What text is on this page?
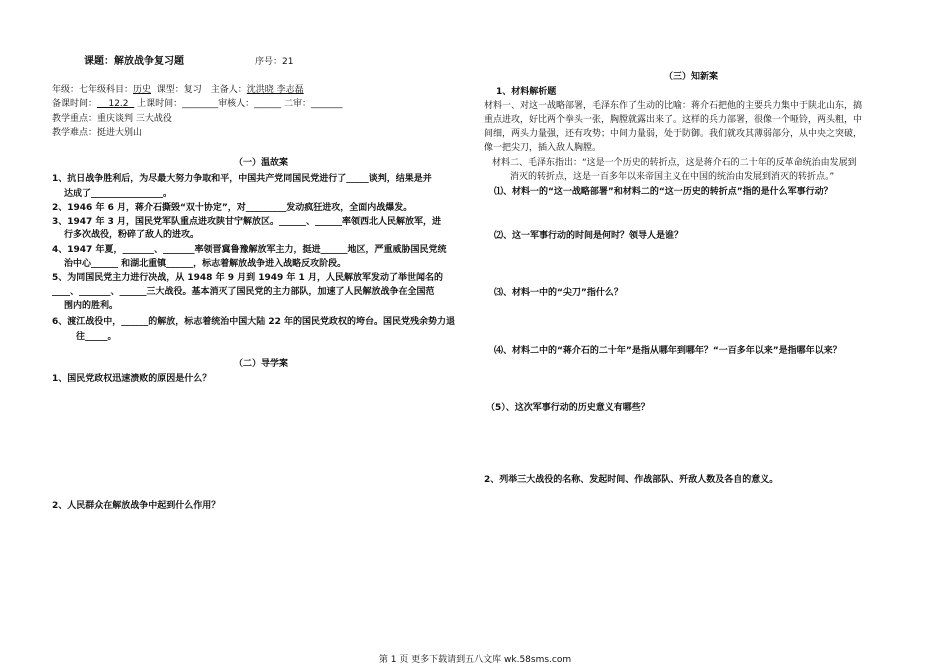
课题：解放战争复习题	序号：21
年级：七年级科目：历史 课型：复习　主备人：沈洪晓 李志磊
备课时间： 12.2 上课时间：________审核人：______ 二审：_______
教学重点：重庆谈判 三大战役
教学难点：挺进大别山
（一）温故案
1、抗日战争胜利后，为尽最大努力争取和平，中国共产党同国民党进行了_____谈判，结果是并
达成了________________。
2、1946 年 6 月，蒋介石撕毁“双十协定”，对_________发动疯狂进攻，全面内战爆发。
3、1947 年 3 月，国民党军队重点进攻陕甘宁解放区。______、______率领西北人民解放军，进
行多次战役，粉碎了敌人的进攻。
4、1947 年夏，_______、_______率领晋冀鲁豫解放军主力，挺进______地区，严重威胁国民党统
治中心______ 和湖北重镇______，标志着解放战争进入战略反攻阶段。
5、为同国民党主力进行决战，从 1948 年 9 月到 1949 年 1 月，人民解放军发动了举世闻名的
____、_______、______三大战役。基本消灭了国民党的主力部队，加速了人民解放战争在全国范
围内的胜利。
6、渡江战役中，______的解放，标志着统治中国大陆 22 年的国民党政权的垮台。国民党残余势力退
往_____。
（二）导学案
1、国民党政权迅速溃败的原因是什么？
2、人民群众在解放战争中起到什么作用？
（三）知新案
1、材料解析题
材料一、对这一战略部署，毛泽东作了生动的比喻：蒋介石把他的主要兵力集中于陕北山东，搞
重点进攻，好比两个拳头一张，胸膛就露出来了。这样的兵力部署，很像一个哑铃，两头粗，中
间细，两头力量强，还有攻势；中间力量弱，处于防御。我们就攻其薄弱部分，从中央之突破，
像一把尖刀，插入敌人胸膛。
材料二、毛泽东指出：“这是一个历史的转折点，这是蒋介石的二十年的反革命统治由发展到
消灭的转折点，这是一百多年以来帝国主义在中国的统治由发展到消灭的转折点。”
⑴、材料一的“这一战略部署”和材料二的“这一历史的转折点”指的是什么军事行动？
⑵、这一军事行动的时间是何时？领导人是谁？
⑶、材料一中的“尖刀”指什么？
⑷、材料二中的“蒋介石的二十年”是指从哪年到哪年？“一百多年以来”是指哪年以来？
（5）、这次军事行动的历史意义有哪些？
2、列举三大战役的名称、发起时间、作战部队、歼敌人数及各自的意义。
第 1 页 更多下载请到五八文库 wk.58sms.com
